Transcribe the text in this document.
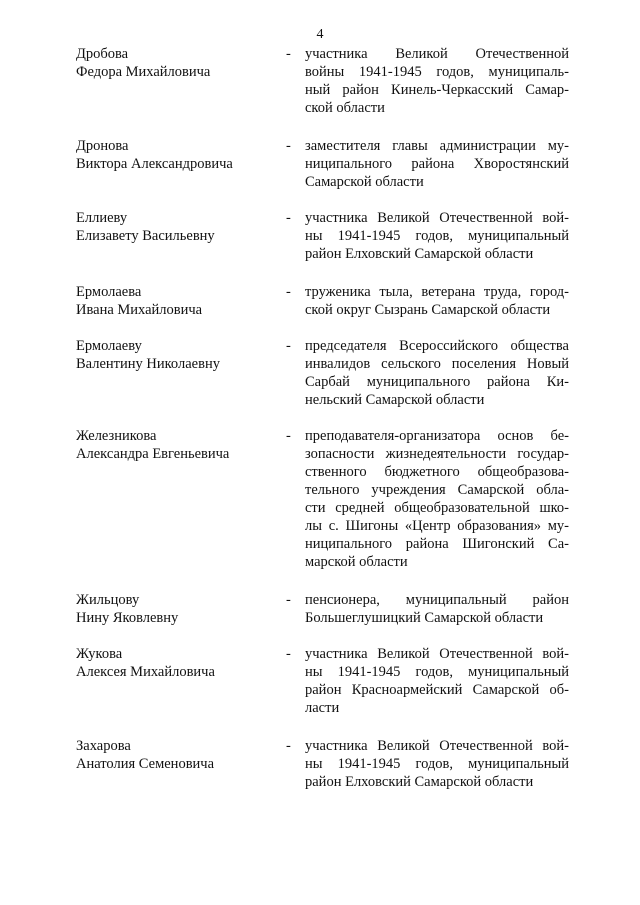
4
Дробова
Федора Михайловича
- участника Великой Отечественной
войны 1941-1945 годов, муниципаль-
ный район Кинель-Черкасский Самар-
ской области
Дронова
Виктора Александровича
- заместителя главы администрации му-
ниципального района Хворостянский
Самарской области
Еллиеву
Елизавету Васильевну
- участника Великой Отечественной вой-
ны 1941-1945 годов, муниципальный
район Елховский Самарской области
Ермолаева
Ивана Михайловича
- труженика тыла, ветерана труда, город-
ской округ Сызрань Самарской области
Ермолаеву
Валентину Николаевну
- председателя Всероссийского общества
инвалидов сельского поселения Новый
Сарбай муниципального района Ки-
нельский Самарской области
Железникова
Александра Евгеньевича
- преподавателя-организатора основ бе-
зопасности жизнедеятельности государ-
ственного бюджетного общеобразова-
тельного учреждения Самарской обла-
сти средней общеобразовательной шко-
лы с. Шигоны «Центр образования» му-
ниципального района Шигонский Са-
марской области
Жильцову
Нину Яковлевну
- пенсионера, муниципальный район
Большеглушицкий Самарской области
Жукова
Алексея Михайловича
- участника Великой Отечественной вой-
ны 1941-1945 годов, муниципальный
район Красноармейский Самарской об-
ласти
Захарова
Анатолия Семеновича
- участника Великой Отечественной вой-
ны 1941-1945 годов, муниципальный
район Елховский Самарской области
